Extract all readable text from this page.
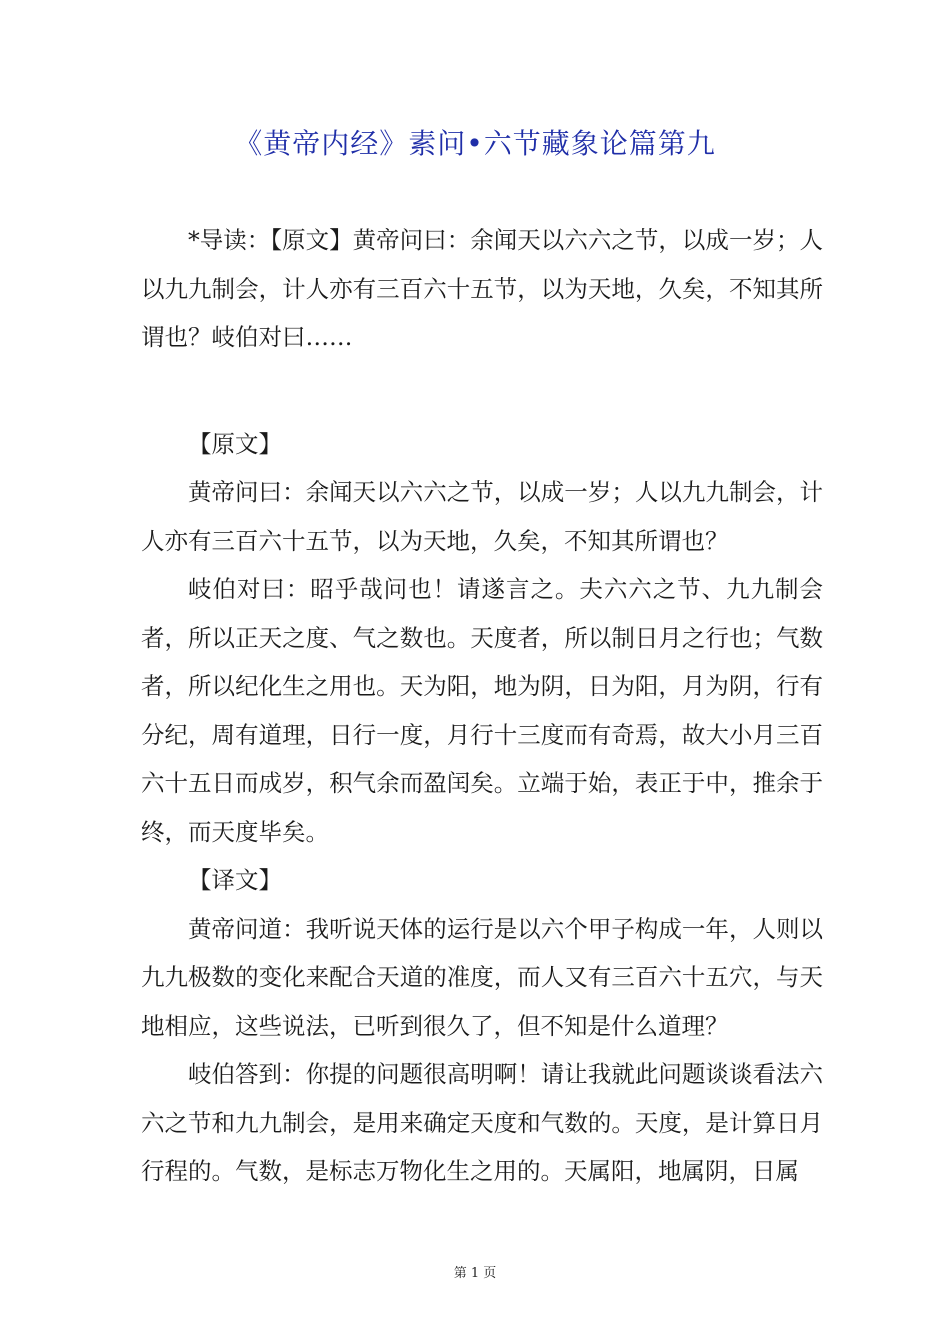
《黄帝内经》素问•六节藏象论篇第九

*导读：【原文】黄帝问曰：余闻天以六六之节，以成一岁；人以九九制会，计人亦有三百六十五节，以为天地，久矣，不知其所谓也？岐伯对曰……

【原文】

黄帝问曰：余闻天以六六之节，以成一岁；人以九九制会，计人亦有三百六十五节，以为天地，久矣，不知其所谓也？

岐伯对曰：昭乎哉问也！请遂言之。夫六六之节、九九制会者，所以正天之度、气之数也。天度者，所以制日月之行也；气数者，所以纪化生之用也。天为阳，地为阴，日为阳，月为阴，行有分纪，周有道理，日行一度，月行十三度而有奇焉，故大小月三百六十五日而成岁，积气余而盈闰矣。立端于始，表正于中，推余于终，而天度毕矣。

【译文】

黄帝问道：我听说天体的运行是以六个甲子构成一年，人则以九九极数的变化来配合天道的准度，而人又有三百六十五穴，与天地相应，这些说法，已听到很久了，但不知是什么道理？

岐伯答到：你提的问题很高明啊！请让我就此问题谈谈看法六六之节和九九制会，是用来确定天度和气数的。天度，是计算日月行程的。气数，是标志万物化生之用的。天属阳，地属阴，日属

第 1 页
